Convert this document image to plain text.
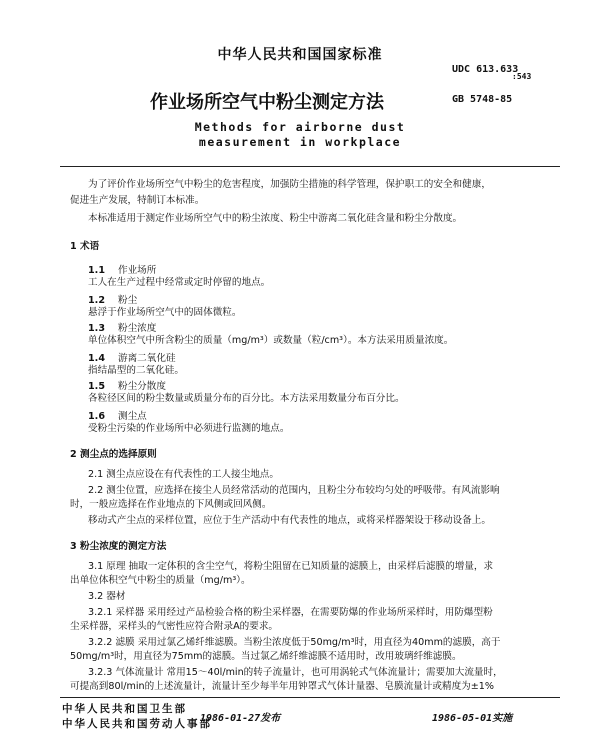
中华人民共和国国家标准
UDC 613.633
:543
作业场所空气中粉尘测定方法	GB 5748-85
Methods for airborne dust
measurement in workplace
为了评价作业场所空气中粉尘的危害程度，加强防尘措施的科学管理，保护职工的安全和健康，
促进生产发展，特制订本标准。
本标准适用于测定作业场所空气中的粉尘浓度、粉尘中游离二氧化硅含量和粉尘分散度。
1 术语
1.1 作业场所
工人在生产过程中经常或定时停留的地点。
1.2 粉尘
悬浮于作业场所空气中的固体微粒。
1.3 粉尘浓度
单位体积空气中所含粉尘的质量（mg/m³）或数量（粒/cm³）。本方法采用质量浓度。
1.4 游离二氧化硅
指结晶型的二氧化硅。
1.5 粉尘分散度
各粒径区间的粉尘数量或质量分布的百分比。本方法采用数量分布百分比。
1.6 测尘点
受粉尘污染的作业场所中必须进行监测的地点。
2 测尘点的选择原则
2.1 测尘点应设在有代表性的工人接尘地点。
2.2 测尘位置，应选择在接尘人员经常活动的范围内，且粉尘分布较均匀处的呼吸带。有风流影响
时，一般应选择在作业地点的下风侧或回风侧。
移动式产尘点的采样位置，应位于生产活动中有代表性的地点，或将采样器架设于移动设备上。
3 粉尘浓度的测定方法
3.1 原理 抽取一定体积的含尘空气，将粉尘阻留在已知质量的滤膜上，由采样后滤膜的增量，求
出单位体积空气中粉尘的质量（mg/m³）。
3.2 器材
3.2.1 采样器 采用经过产品检验合格的粉尘采样器，在需要防爆的作业场所采样时，用防爆型粉
尘采样器，采样头的气密性应符合附录A的要求。
3.2.2 滤膜 采用过氯乙烯纤维滤膜。当粉尘浓度低于50mg/m³时，用直径为40mm的滤膜，高于
50mg/m³时，用直径为75mm的滤膜。当过氯乙烯纤维滤膜不适用时，改用玻璃纤维滤膜。
3.2.3 气体流量计 常用15～40l/min的转子流量计，也可用涡轮式气体流量计；需要加大流量时，
可提高到80l/min的上述流量计，流量计至少每半年用钟罩式气体计量器、皂膜流量计或精度为±1%
中华人民共和国卫生部
中华人民共和国劳动人事部
1986-01-27发布	1986-05-01实施
